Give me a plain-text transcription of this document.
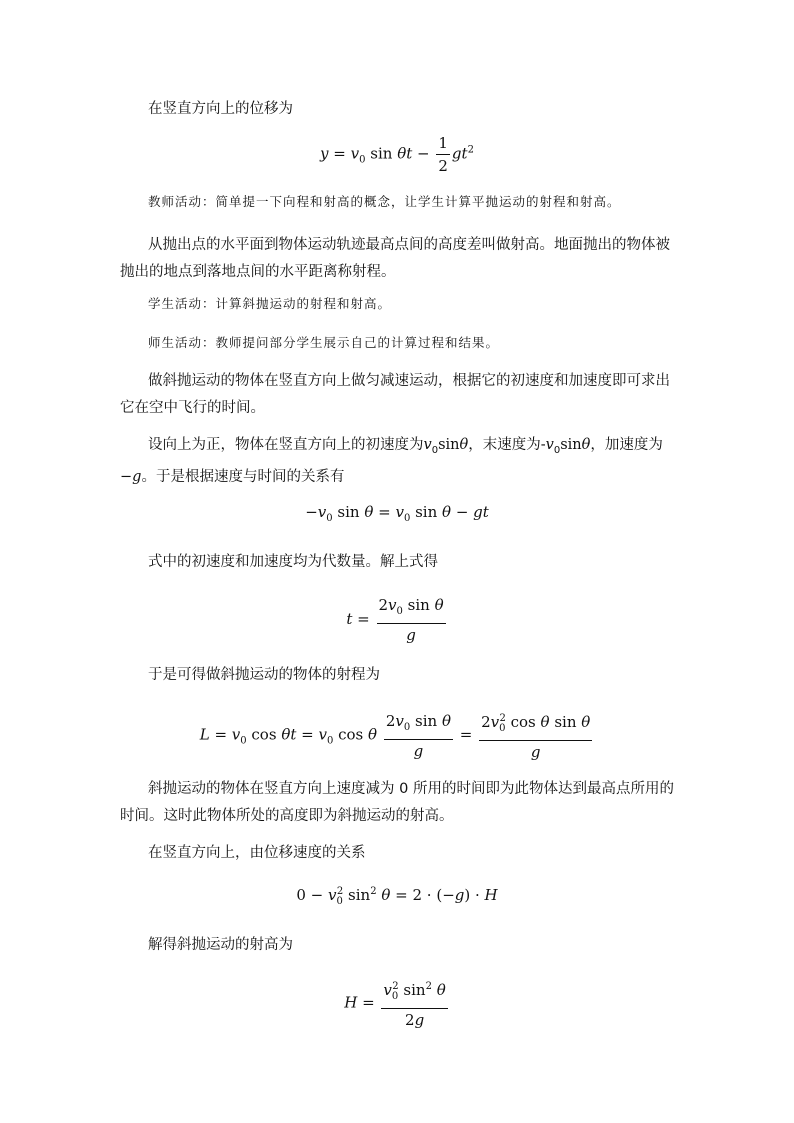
在竖直方向上的位移为
$y = v_0$ $\sin \theta t - \frac{1}{2} gt^2$
教师活动：简单提一下向程和射高的概念，让学生计算平抛运动的射程和射高。
从抛出点的水平面到物体运动轨迹最高点间的高度差叫做射高。地面抛出的物体被抛出的地点到落地点间的水平距离称射程。
学生活动：计算斜抛运动的射程和射高。
师生活动：教师提问部分学生展示自己的计算过程和结果。
做斜抛运动的物体在竖直方向上做匀减速运动，根据它的初速度和加速度即可求出它在空中飞行的时间。
设向上为正，物体在竖直方向上的初速度为$v_0\sin\theta$，末速度为$-v_0\sin\theta$，加速度为−g。于是根据速度与时间的关系有
$-v_0$ $\sin \theta = v_0$ sin θ − gt
式中的初速度和加速度均为代数量。解上式得
$t = \frac{2v_0 \sin \theta}{g}$
于是可得做斜抛运动的物体的射程为
$L = v_0$ $\cos \theta t = v_0$ cos θ $\frac{2v_0 \sin \theta}{g} = \frac{2v_0^2 \cos \theta \sin \theta}{g}$
斜抛运动的物体在竖直方向上速度减为 0 所用的时间即为此物体达到最高点所用的时间。这时此物体所处的高度即为斜抛运动的射高。
在竖直方向上，由位移速度的关系
$0 - v_0^2$ $\sin^2 \theta = 2 \cdot (-g) \cdot H$
解得斜抛运动的射高为
$H = \frac{v_0^2 \sin^2 \theta}{2g}$
